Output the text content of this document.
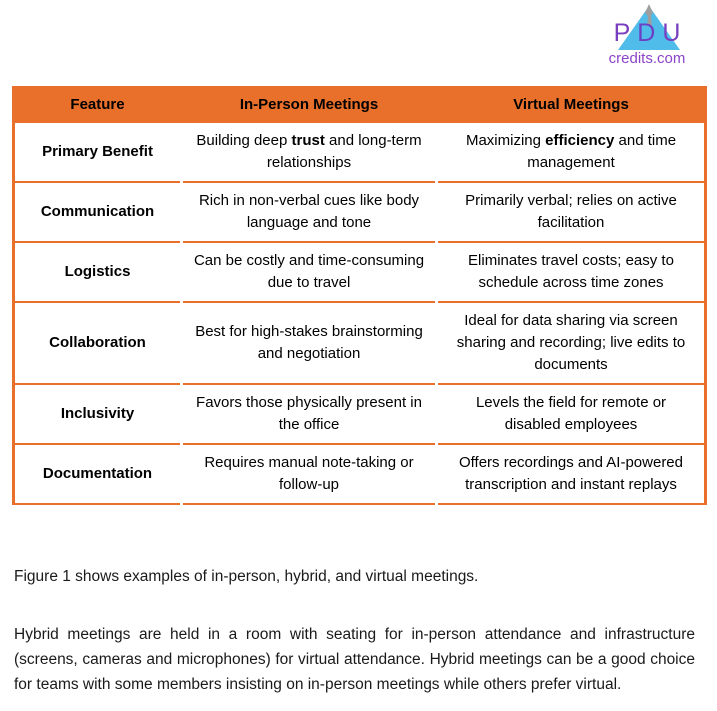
PDU
credits.com
Feature	In-Person Meetings	Virtual Meetings
Primary Benefit	Building deep trust and long-term relationships	Maximizing efficiency and time management
Communication	Rich in non-verbal cues like body language and tone	Primarily verbal; relies on active facilitation
Logistics	Can be costly and time-consuming due to travel	Eliminates travel costs; easy to schedule across time zones
Collaboration	Best for high-stakes brainstorming and negotiation	Ideal for data sharing via screen sharing and recording; live edits to documents
Inclusivity	Favors those physically present in the office	Levels the field for remote or disabled employees
Documentation	Requires manual note-taking or follow-up	Offers recordings and AI-powered transcription and instant replays

Figure 1 shows examples of in-person, hybrid, and virtual meetings.

Hybrid meetings are held in a room with seating for in-person attendance and infrastructure (screens, cameras and microphones) for virtual attendance. Hybrid meetings can be a good choice for teams with some members insisting on in-person meetings while others prefer virtual.
